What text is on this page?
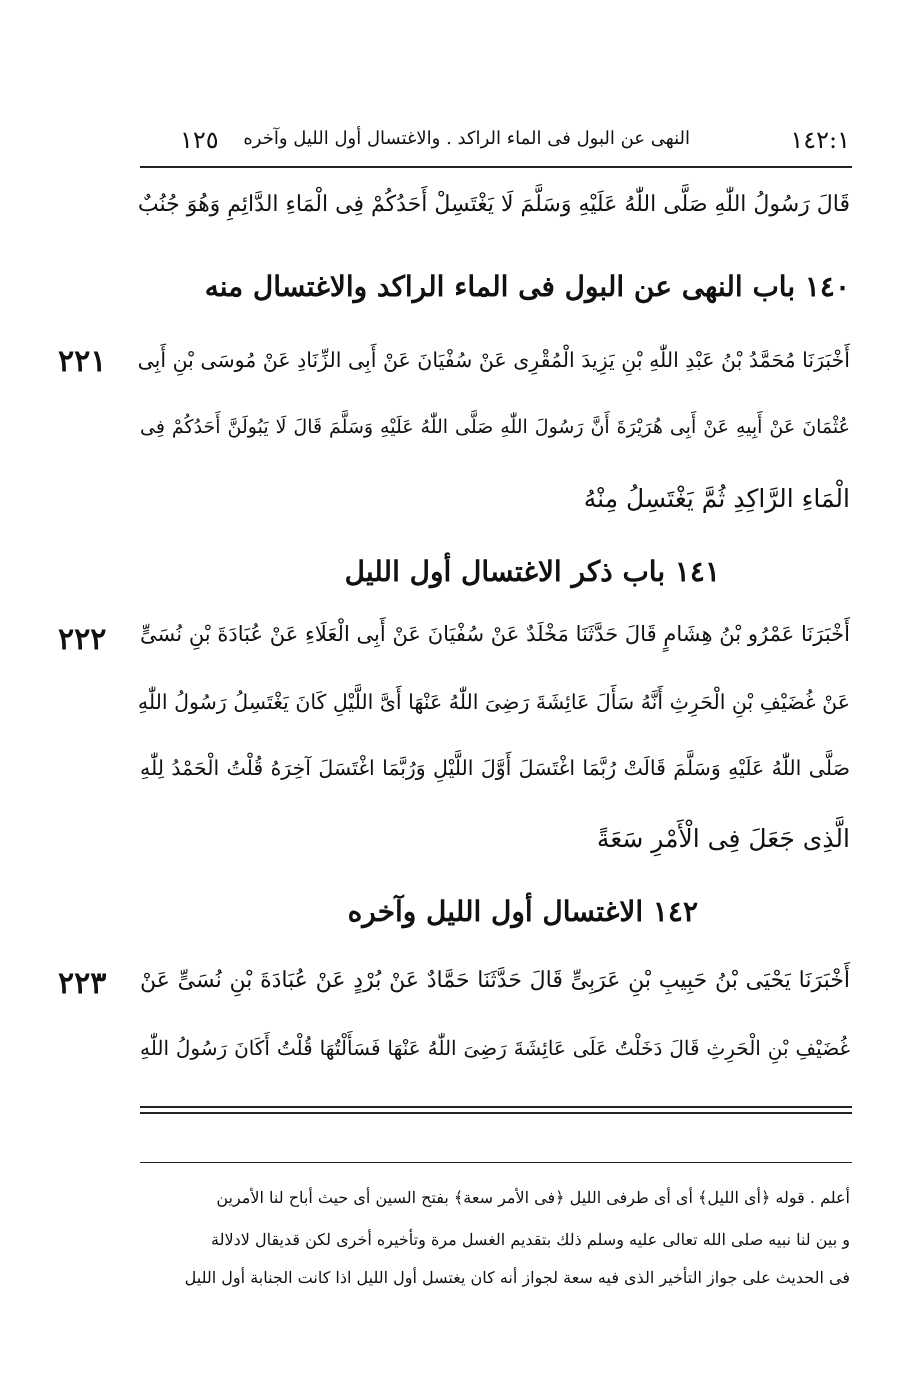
١٤٢:١
النهى عن البول فى الماء الراكد . والاغتسال أول الليل وآخره
١٢٥
قَالَ رَسُولُ اللّٰهِ صَلَّى اللّٰهُ عَلَيْهِ وَسَلَّمَ لَا يَغْتَسِلْ أَحَدُكُمْ فِى الْمَاءِ الدَّائِمِ وَهُوَ جُنُبٌ
١٤٠ باب النهى عن البول فى الماء الراكد والاغتسال منه
٢٢١ أَخْبَرَنَا مُحَمَّدُ بْنُ عَبْدِ اللّٰهِ بْنِ يَزِيدَ الْمُقْرِى عَنْ سُفْيَانَ عَنْ أَبِى الزِّنَادِ عَنْ مُوسَى بْنِ أَبِى
عُثْمَانَ عَنْ أَبِيهِ عَنْ أَبِى هُرَيْرَةَ أَنَّ رَسُولَ اللّٰهِ صَلَّى اللّٰهُ عَلَيْهِ وَسَلَّمَ قَالَ لَا يَبُولَنَّ أَحَدُكُمْ فِى
الْمَاءِ الرَّاكِدِ ثُمَّ يَغْتَسِلُ مِنْهُ
١٤١ باب ذكر الاغتسال أول الليل
٢٢٢ أَخْبَرَنَا عَمْرُو بْنُ هِشَامٍ قَالَ حَدَّثَنَا مَخْلَدٌ عَنْ سُفْيَانَ عَنْ أَبِى الْعَلَاءِ عَنْ عُبَادَةَ بْنِ نُسَىٍّ
عَنْ غُضَيْفِ بْنِ الْحَرِثِ أَنَّهُ سَأَلَ عَائِشَةَ رَضِىَ اللّٰهُ عَنْهَا أَىَّ اللَّيْلِ كَانَ يَغْتَسِلُ رَسُولُ اللّٰهِ
صَلَّى اللّٰهُ عَلَيْهِ وَسَلَّمَ قَالَتْ رُبَّمَا اغْتَسَلَ أَوَّلَ اللَّيْلِ وَرُبَّمَا اغْتَسَلَ آخِرَهُ قُلْتُ الْحَمْدُ لِلّٰهِ
الَّذِى جَعَلَ فِى الْأَمْرِ سَعَةً
١٤٢ الاغتسال أول الليل وآخره
٢٢٣ أَخْبَرَنَا يَحْيَى بْنُ حَبِيبِ بْنِ عَرَبِىٍّ قَالَ حَدَّثَنَا حَمَّادٌ عَنْ بُرْدٍ عَنْ عُبَادَةَ بْنِ نُسَىٍّ عَنْ
غُضَيْفِ بْنِ الْحَرِثِ قَالَ دَخَلْتُ عَلَى عَائِشَةَ رَضِىَ اللّٰهُ عَنْهَا فَسَأَلْتُهَا قُلْتُ أَكَانَ رَسُولُ اللّٰهِ
أعلم . قوله ﴿أى الليل﴾ أى أى طرفى الليل ﴿فى الأمر سعة﴾ بفتح السين أى حيث أباح لنا الأمرين
و بين لنا نبيه صلى الله تعالى عليه وسلم ذلك بتقديم الغسل مرة وتأخيره أخرى لكن قديقال لادلالة
فى الحديث على جواز التأخير الذى فيه سعة لجواز أنه كان يغتسل أول الليل اذا كانت الجنابة أول الليل
